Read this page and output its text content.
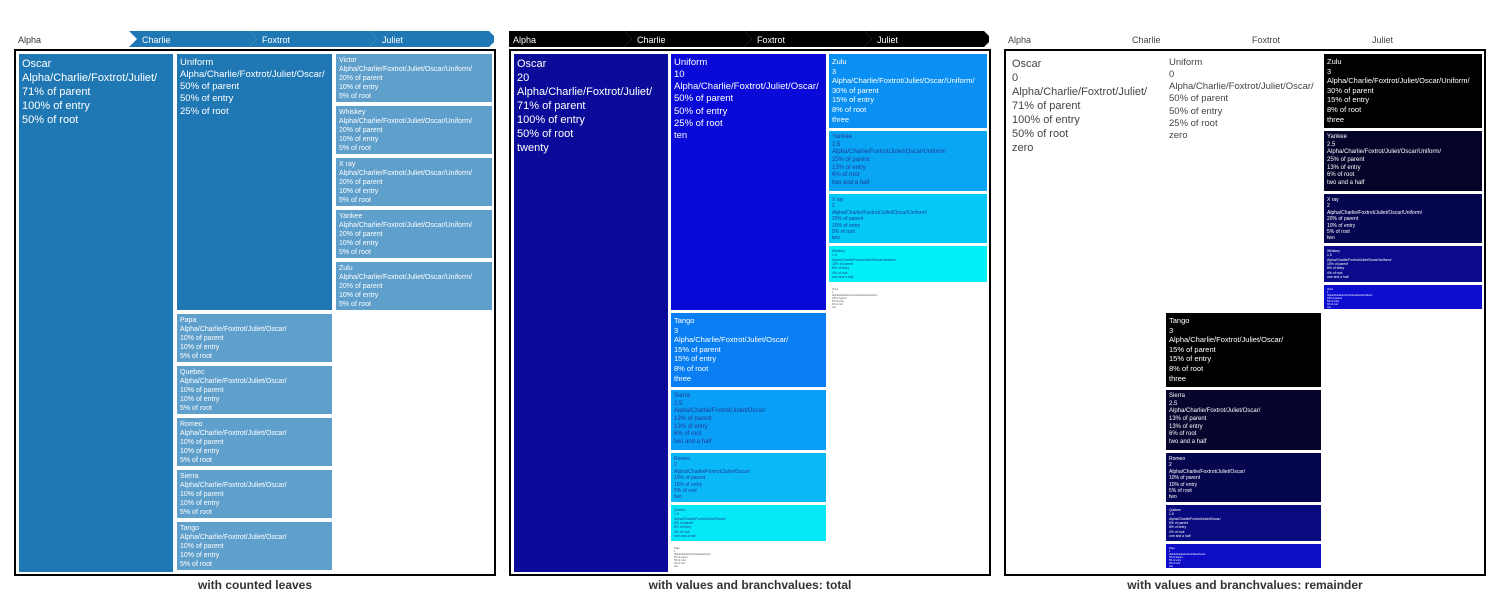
with counted leaves
Oscar
Alpha/Charlie/Foxtrot/Juliet/
71% of parent
100% of entry
50% of root
Uniform
Alpha/Charlie/Foxtrot/Juliet/Oscar/
50% of parent
50% of entry
25% of root
Victor
Alpha/Charlie/Foxtrot/Juliet/Oscar/Uniform/
20% of parent
10% of entry
5% of root
Whiskey
Alpha/Charlie/Foxtrot/Juliet/Oscar/Uniform/
20% of parent
10% of entry
5% of root
X ray
Alpha/Charlie/Foxtrot/Juliet/Oscar/Uniform/
20% of parent
10% of entry
5% of root
Yankee
Alpha/Charlie/Foxtrot/Juliet/Oscar/Uniform/
20% of parent
10% of entry
5% of root
Zulu
Alpha/Charlie/Foxtrot/Juliet/Oscar/Uniform/
20% of parent
10% of entry
5% of root
Papa
Alpha/Charlie/Foxtrot/Juliet/Oscar/
10% of parent
10% of entry
5% of root
Quebec
Alpha/Charlie/Foxtrot/Juliet/Oscar/
10% of parent
10% of entry
5% of root
Romeo
Alpha/Charlie/Foxtrot/Juliet/Oscar/
10% of parent
10% of entry
5% of root
Sierra
Alpha/Charlie/Foxtrot/Juliet/Oscar/
10% of parent
10% of entry
5% of root
Tango
Alpha/Charlie/Foxtrot/Juliet/Oscar/
10% of parent
10% of entry
5% of root
Alpha	Charlie	Foxtrot	Juliet
with values and branchvalues: total
Oscar
20
Alpha/Charlie/Foxtrot/Juliet/
71% of parent
100% of entry
50% of root
twenty
Uniform
10
Alpha/Charlie/Foxtrot/Juliet/Oscar/
50% of parent
50% of entry
25% of root
ten
Zulu
3
Alpha/Charlie/Foxtrot/Juliet/Oscar/Uniform/
30% of parent
15% of entry
8% of root
three
Yankee
2.5
Alpha/Charlie/Foxtrot/Juliet/Oscar/Uniform/
25% of parent
13% of entry
6% of root
two and a half
X ray
2
Alpha/Charlie/Foxtrot/Juliet/Oscar/Uniform/
20% of parent
10% of entry
5% of root
two
Whiskey
1.5
Alpha/Charlie/Foxtrot/Juliet/Oscar/Uniform/
15% of parent
8% of entry
4% of root
one and a half
Victor
1
Alpha/Charlie/Foxtrot/Juliet/Oscar/Uniform/
10% of parent
5% of entry
3% of root
one
Tango
3
Alpha/Charlie/Foxtrot/Juliet/Oscar/
15% of parent
15% of entry
8% of root
three
Sierra
2.5
Alpha/Charlie/Foxtrot/Juliet/Oscar/
13% of parent
13% of entry
6% of root
two and a half
Romeo
2
Alpha/Charlie/Foxtrot/Juliet/Oscar/
10% of parent
10% of entry
5% of root
two
Quebec
1.5
Alpha/Charlie/Foxtrot/Juliet/Oscar/
8% of parent
8% of entry
4% of root
one and a half
Papa
1
Alpha/Charlie/Foxtrot/Juliet/Oscar/
5% of parent
5% of entry
3% of root
one
Alpha	Charlie	Foxtrot	Juliet
with values and branchvalues: remainder
Oscar
0
Alpha/Charlie/Foxtrot/Juliet/
71% of parent
100% of entry
50% of root
zero
Uniform
0
Alpha/Charlie/Foxtrot/Juliet/Oscar/
50% of parent
50% of entry
25% of root
zero
Zulu
3
Alpha/Charlie/Foxtrot/Juliet/Oscar/Uniform/
30% of parent
15% of entry
8% of root
three
Yankee
2.5
Alpha/Charlie/Foxtrot/Juliet/Oscar/Uniform/
25% of parent
13% of entry
6% of root
two and a half
X ray
2
Alpha/Charlie/Foxtrot/Juliet/Oscar/Uniform/
20% of parent
10% of entry
5% of root
two
Whiskey
1.5
Alpha/Charlie/Foxtrot/Juliet/Oscar/Uniform/
15% of parent
8% of entry
4% of root
one and a half
Victor
1
Alpha/Charlie/Foxtrot/Juliet/Oscar/Uniform/
10% of parent
5% of entry
3% of root
one
Tango
3
Alpha/Charlie/Foxtrot/Juliet/Oscar/
15% of parent
15% of entry
8% of root
three
Sierra
2.5
Alpha/Charlie/Foxtrot/Juliet/Oscar/
13% of parent
13% of entry
6% of root
two and a half
Romeo
2
Alpha/Charlie/Foxtrot/Juliet/Oscar/
10% of parent
10% of entry
5% of root
two
Quebec
1.5
Alpha/Charlie/Foxtrot/Juliet/Oscar/
8% of parent
8% of entry
4% of root
one and a half
Papa
1
Alpha/Charlie/Foxtrot/Juliet/Oscar/
5% of parent
5% of entry
3% of root
one
Alpha	Charlie	Foxtrot	Juliet
